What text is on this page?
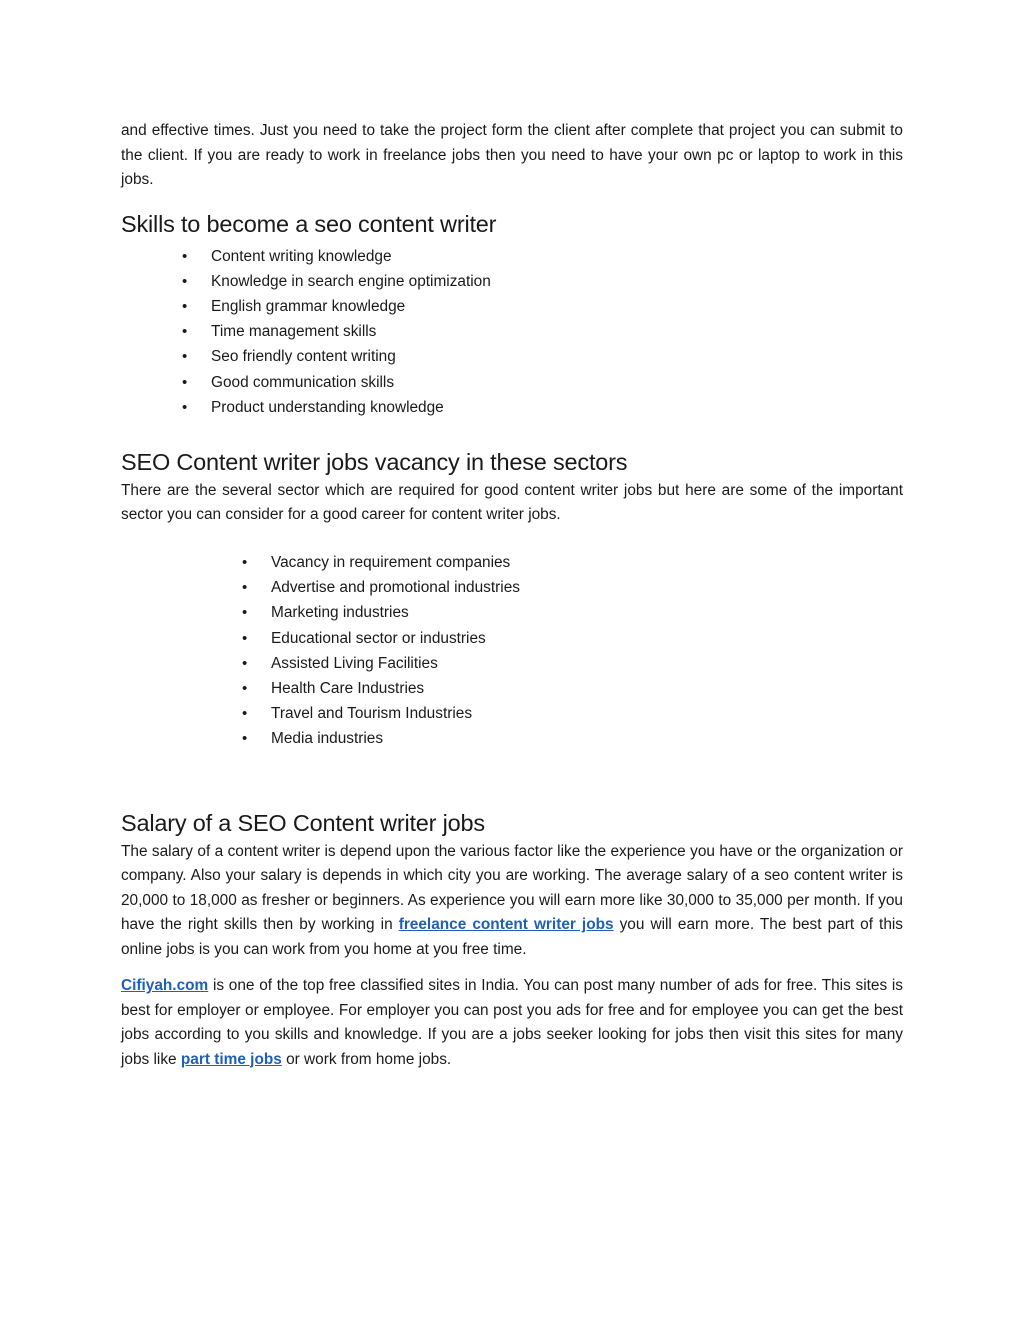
and effective times. Just you need to take the project form the client after complete that project you can submit to the client. If you are ready to work in freelance jobs then you need to have your own pc or laptop to work in this jobs.

Skills to become a seo content writer
• Content writing knowledge
• Knowledge in search engine optimization
• English grammar knowledge
• Time management skills
• Seo friendly content writing
• Good communication skills
• Product understanding knowledge
SEO Content writer jobs vacancy in these sectors

There are the several sector which are required for good content writer jobs but here are some of the important sector you can consider for a good career for content writer jobs.

• Vacancy in requirement companies
• Advertise and promotional industries
• Marketing industries
• Educational sector or industries
• Assisted Living Facilities
• Health Care Industries
• Travel and Tourism Industries
• Media industries
Salary of a SEO Content writer jobs

The salary of a content writer is depend upon the various factor like the experience you have or the organization or company. Also your salary is depends in which city you are working. The average salary of a seo content writer is 20,000 to 18,000 as fresher or beginners. As experience you will earn more like 30,000 to 35,000 per month. If you have the right skills then by working in freelance content writer jobs you will earn more. The best part of this online jobs is you can work from you home at you free time.

Cifiyah.com is one of the top free classified sites in India. You can post many number of ads for free. This sites is best for employer or employee. For employer you can post you ads for free and for employee you can get the best jobs according to you skills and knowledge. If you are a jobs seeker looking for jobs then visit this sites for many jobs like part time jobs or work from home jobs.
